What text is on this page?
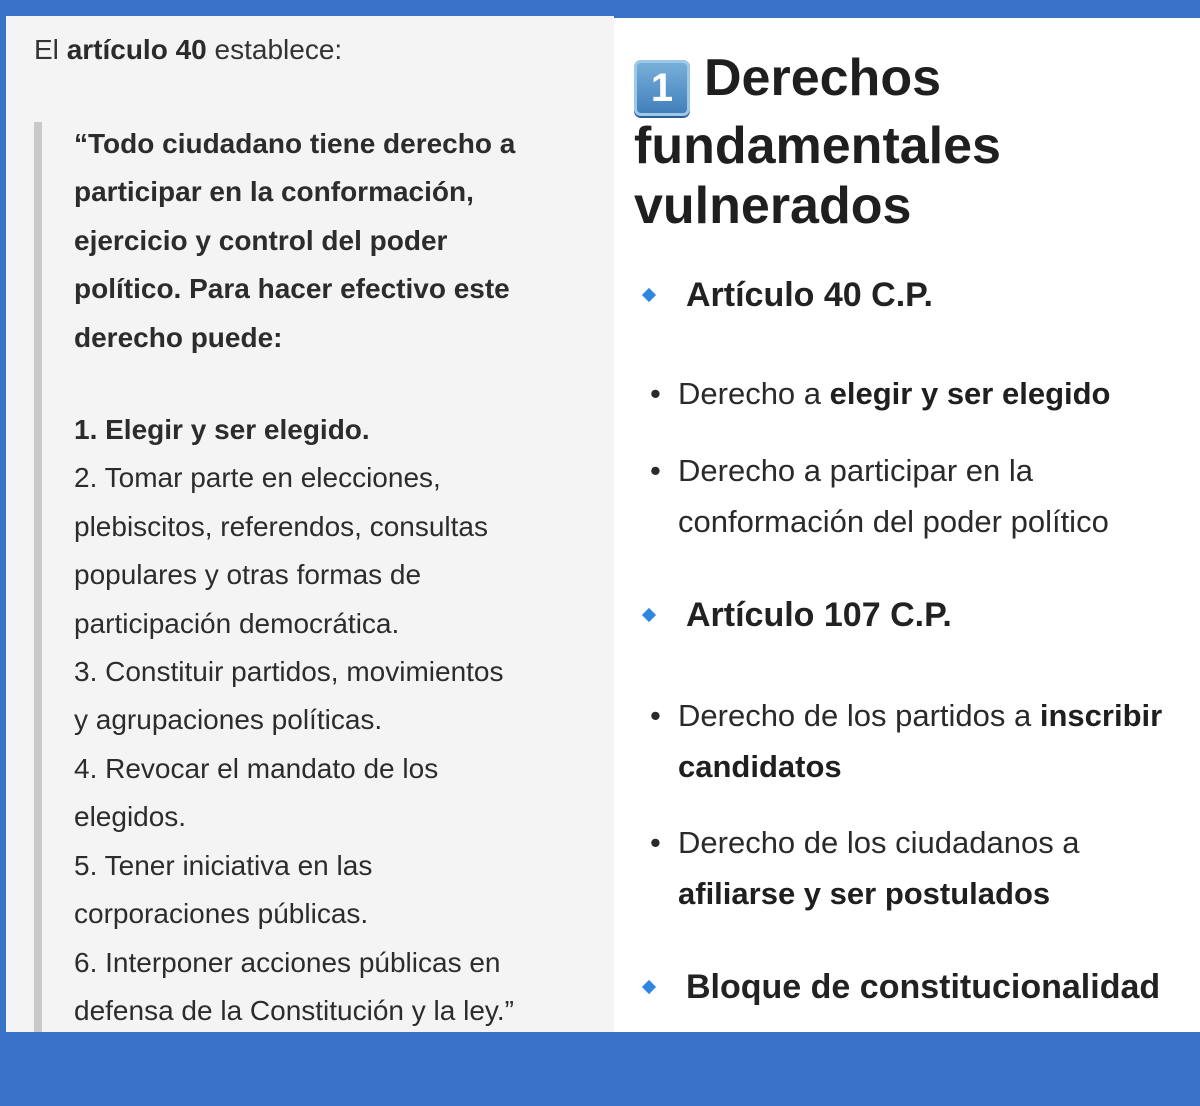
El artículo 40 establece:

“Todo ciudadano tiene derecho a
participar en la conformación,
ejercicio y control del poder
político. Para hacer efectivo este
derecho puede:
1. Elegir y ser elegido.
2. Tomar parte en elecciones,
plebiscitos, referendos, consultas
populares y otras formas de
participación democrática.
3. Constituir partidos, movimientos
y agrupaciones políticas.
4. Revocar el mandato de los
elegidos.
5. Tener iniciativa en las
corporaciones públicas.
6. Interponer acciones públicas en
defensa de la Constitución y la ley.”
1 Derechos
fundamentales
vulnerados
Artículo 40 C.P.
• Derecho a elegir y ser elegido
• Derecho a participar en la
conformación del poder político
Artículo 107 C.P.
• Derecho de los partidos a inscribir
candidatos
• Derecho de los ciudadanos a
afiliarse y ser postulados
Bloque de constitucionalidad
